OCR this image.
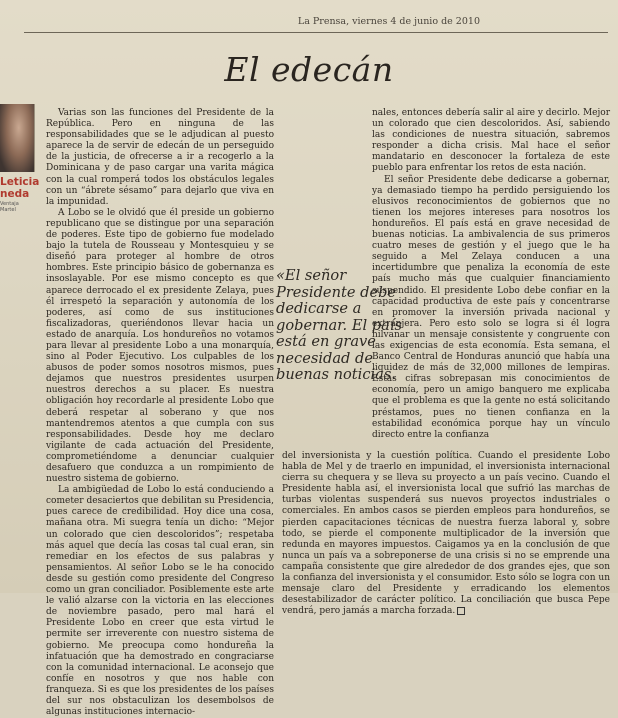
La Prensa, viernes 4 de junio de 2010
El edecán
Leticia
neda
Ventaja
Martel

Varias son las funciones del Presidente de la República. Pero en ninguna de las responsabilidades que se le adjudican al puesto aparece la de servir de edecán de un perseguido de la justicia, de ofrecerse a ir a recogerlo a la Dominicana y de paso cargar una varita mágica con la cual romperá todos los obstáculos legales con un “ábrete sésamo” para dejarlo que viva en la impunidad.

A Lobo se le olvidó que él preside un gobierno republicano que se distingue por una separación de poderes. Este tipo de gobierno fue modelado bajo la tutela de Rousseau y Montesquieu y se diseñó para proteger al hombre de otros hombres. Este principio básico de gobernanza es insoslayable. Por ese mismo concepto es que aparece derrocado el ex presidente Zelaya, pues él irrespetó la separación y autonomía de los poderes, así como de sus instituciones fiscalizadoras, queriéndonos llevar hacia un estado de anarquía. Los hondureños no votamos para llevar al presidente Lobo a una monarquía, sino al Poder Ejecutivo. Los culpables de los abusos de poder somos nosotros mismos, pues dejamos que nuestros presidentes usurpen nuestros derechos a su placer. Es nuestra obligación hoy recordarle al presidente Lobo que deberá respetar al soberano y que nos mantendremos atentos a que cumpla con sus responsabilidades. Desde hoy me declaro vigilante de cada actuación del Presidente, comprometiéndome a denunciar cualquier desafuero que conduzca a un rompimiento de nuestro sistema de gobierno.

La ambigüedad de Lobo lo está conduciendo a cometer desaciertos que debilitan su Presidencia, pues carece de credibilidad. Hoy dice una cosa, mañana otra. Mi suegra tenía un dicho: “Mejor un colorado que cien descoloridos”; respetaba más aquel que decía las cosas tal cual eran, sin remediar en los efectos de sus palabras y pensamientos. Al señor Lobo se le ha conocido desde su gestión como presidente del Congreso como un gran conciliador. Posiblemente este arte le valió alzarse con la victoria en las elecciones de noviembre pasado, pero mal hará el Presidente Lobo en creer que esta virtud le permite ser irreverente con nuestro sistema de gobierno. Me preocupa como hondureña la infatuación que ha demostrado en congraciarse con la comunidad internacional. Le aconsejo que confíe en nosotros y que nos hable con franqueza. Si es que los presidentes de los países del sur nos obstaculizan los desembolsos de algunas instituciones internacio-

nales, entonces debería salir al aire y decirlo. Mejor un colorado que cien descoloridos. Así, sabiendo las condiciones de nuestra situación, sabremos responder a dicha crisis. Mal hace el señor mandatario en desconocer la fortaleza de este pueblo para enfrentar los retos de esta nación.

El señor Presidente debe dedicarse a gobernar, ya demasiado tiempo ha perdido persiguiendo los elusivos reconocimientos de gobiernos que no tienen los mejores intereses para nosotros los hondureños. El país está en grave necesidad de buenas noticias. La ambivalencia de sus primeros cuatro meses de gestión y el juego que le ha seguido a Mel Zelaya conducen a una incertidumbre que penaliza la economía de este país mucho más que cualquier financiamiento suspendido. El presidente Lobo debe confiar en la capacidad productiva de este país y concentrarse en promover la inversión privada nacional y extranjera. Pero esto solo se logra si él logra hilvanar un mensaje consistente y congruente con las exigencias de esta economía. Esta semana, el Banco Central de Honduras anunció que había una liquidez de más de 32,000 millones de lempiras. Estas cifras sobrepasan mis conocimientos de economía, pero un amigo banquero me explicaba que el problema es que la gente no está solicitando préstamos, pues no tienen confianza en la estabilidad económica porque hay un vínculo directo entre la confianza

«El señor Presidente debe dedicarse a gobernar. El país está en grave necesidad de buenas noticias.

del inversionista y la cuestión política. Cuando el presidente Lobo habla de Mel y de traerlo en impunidad, el inversionista internacional cierra su chequera y se lleva su proyecto a un país vecino. Cuando el Presidente habla así, el inversionista local que sufrió las marchas de turbas violentas suspenderá sus nuevos proyectos industriales o comerciales. En ambos casos se pierden empleos para hondureños, se pierden capacitaciones técnicas de nuestra fuerza laboral y, sobre todo, se pierde el componente multiplicador de la inversión que redunda en mayores impuestos. Caigamos ya en la conclusión de que nunca un país va a sobreponerse de una crisis si no se emprende una campaña consistente que gire alrededor de dos grandes ejes, que son la confianza del inversionista y el consumidor. Esto sólo se logra con un mensaje claro del Presidente y erradicando los elementos desestabilizador de carácter político. La conciliación que busca Pepe vendrá, pero jamás a marcha forzada.
